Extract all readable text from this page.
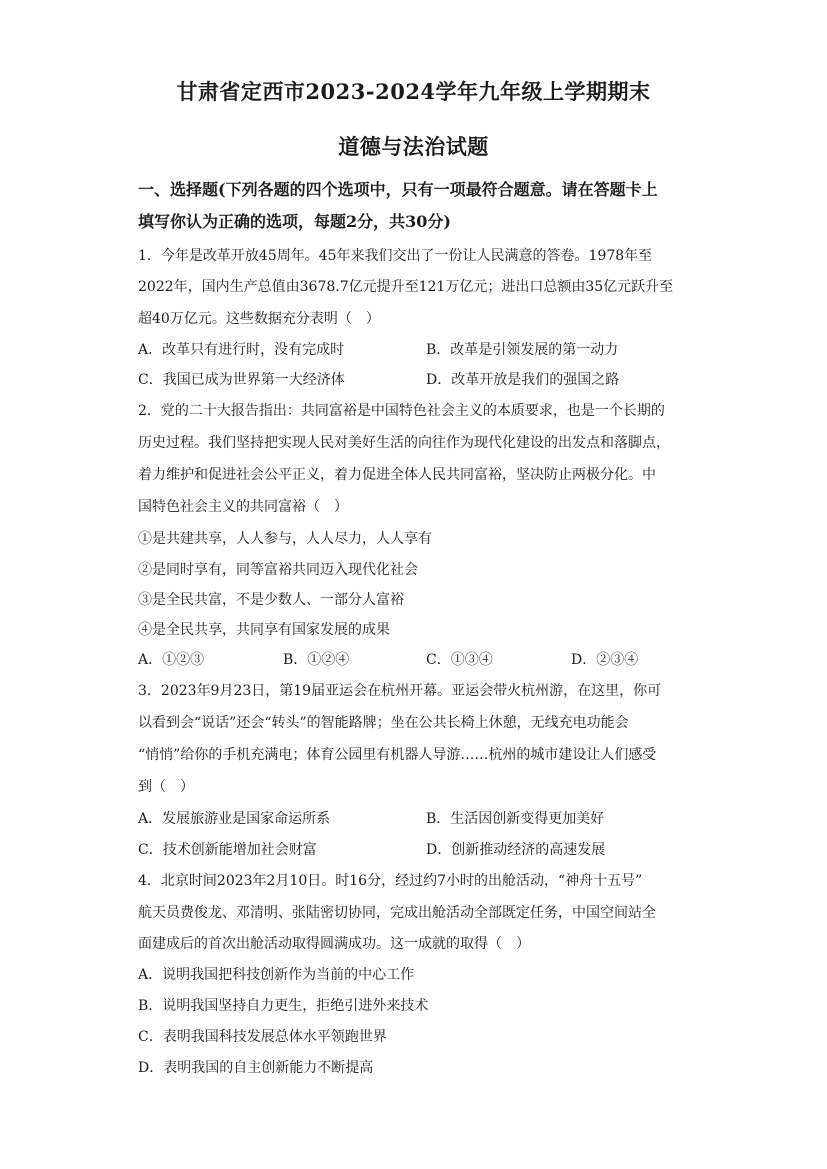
甘肃省定西市2023-2024学年九年级上学期期末
道德与法治试题
一、选择题(下列各题的四个选项中，只有一项最符合题意。请在答题卡上
填写你认为正确的选项，每题2分，共30分)
1．今年是改革开放45周年。45年来我们交出了一份让人民满意的答卷。1978年至
2022年，国内生产总值由3678.7亿元提升至121万亿元；进出口总额由35亿元跃升至
超40万亿元。这些数据充分表明（　）
A．改革只有进行时，没有完成时	B．改革是引领发展的第一动力
C．我国已成为世界第一大经济体	D．改革开放是我们的强国之路
2．党的二十大报告指出：共同富裕是中国特色社会主义的本质要求，也是一个长期的
历史过程。我们坚持把实现人民对美好生活的向往作为现代化建设的出发点和落脚点，
着力维护和促进社会公平正义，着力促进全体人民共同富裕，坚决防止两极分化。中
国特色社会主义的共同富裕（　）
①是共建共享，人人参与，人人尽力，人人享有
②是同时享有，同等富裕共同迈入现代化社会
③是全民共富，不是少数人、一部分人富裕
④是全民共享，共同享有国家发展的成果
A．①②③	B．①②④	C．①③④	D．②③④
3．2023年9月23日，第19届亚运会在杭州开幕。亚运会带火杭州游，在这里，你可
以看到会“说话”还会“转头”的智能路牌；坐在公共长椅上休憩，无线充电功能会
“悄悄”给你的手机充满电；体育公园里有机器人导游……杭州的城市建设让人们感受
到（　）
A．发展旅游业是国家命运所系	B．生活因创新变得更加美好
C．技术创新能增加社会财富	D．创新推动经济的高速发展
4．北京时间2023年2月10日。时16分，经过约7小时的出舱活动，“神舟十五号”
航天员费俊龙、邓清明、张陆密切协同，完成出舱活动全部既定任务，中国空间站全
面建成后的首次出舱活动取得圆满成功。这一成就的取得（　）
A．说明我国把科技创新作为当前的中心工作
B．说明我国坚持自力更生，拒绝引进外来技术
C．表明我国科技发展总体水平领跑世界
D．表明我国的自主创新能力不断提高
